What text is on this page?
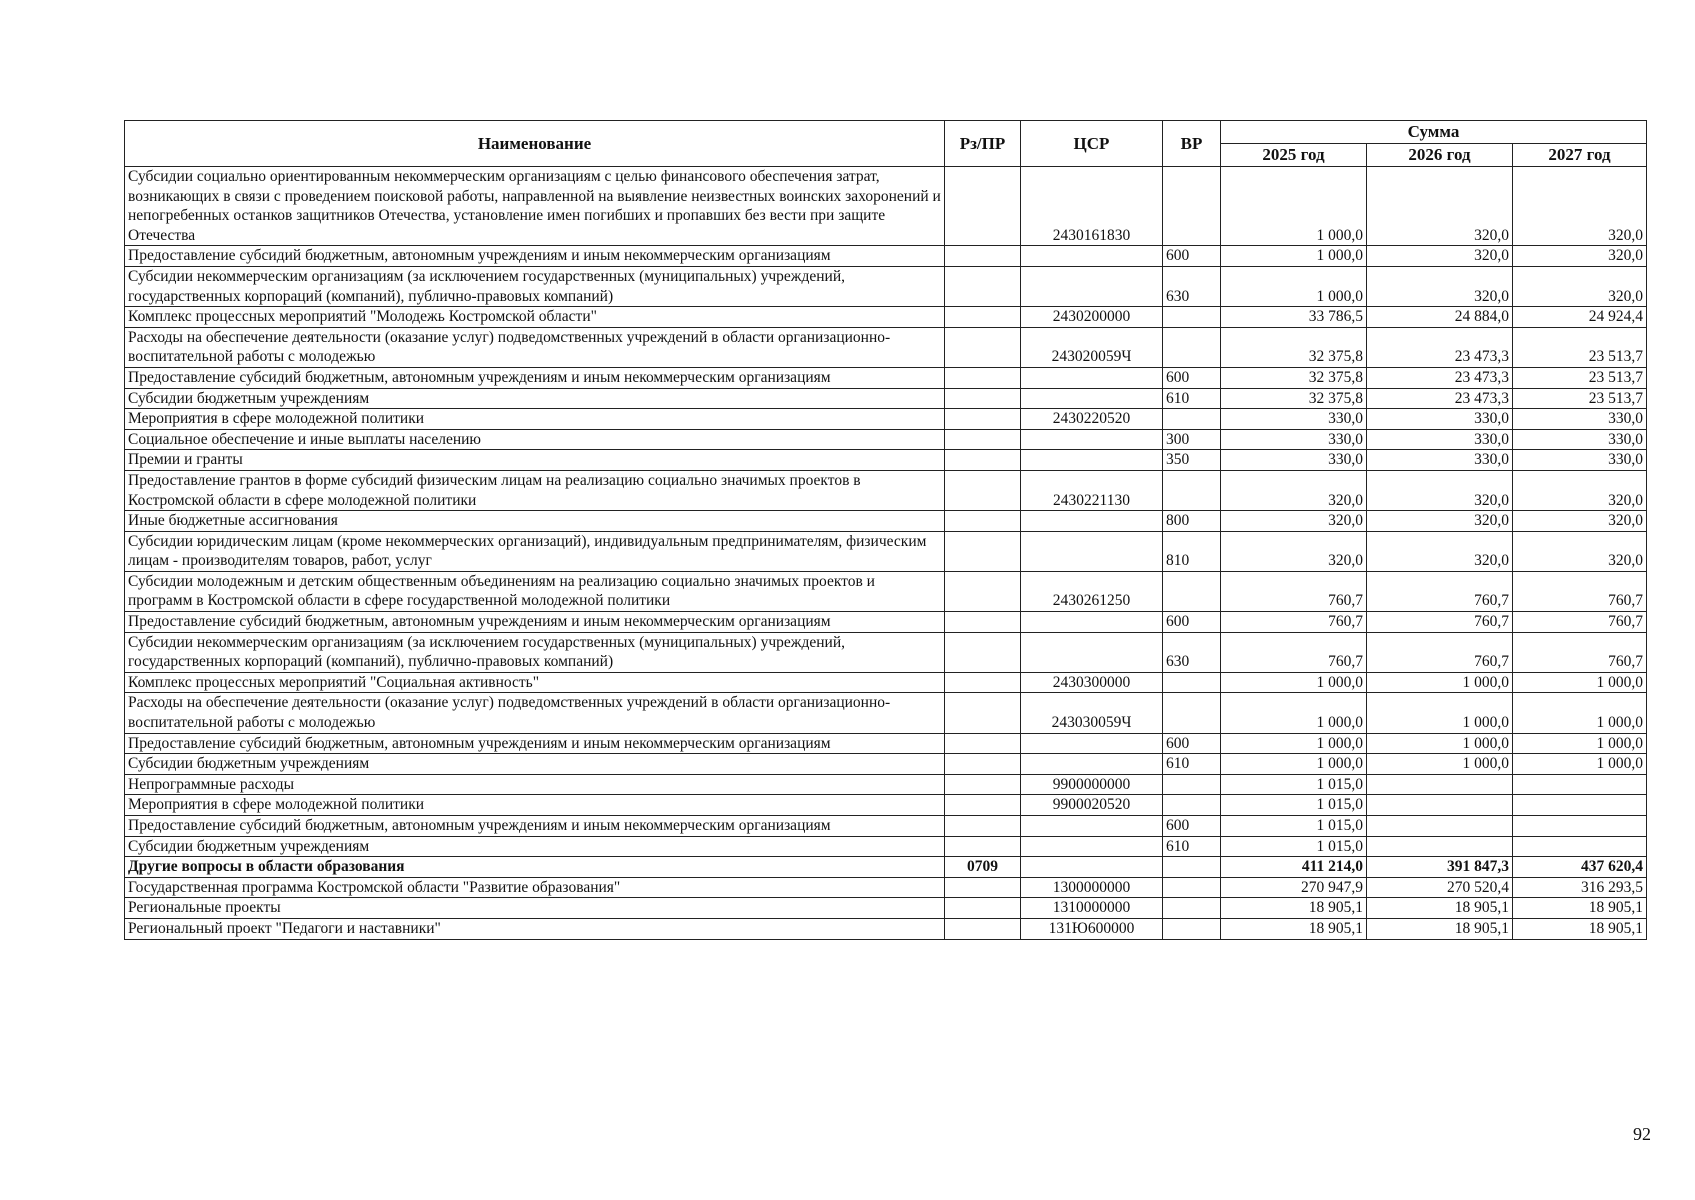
Наименование	Рз/ПР	ЦСР	ВР	Сумма		
				2025 год	2026 год	2027 год
Субсидии социально ориентированным некоммерческим организациям с целью финансового обеспечения затрат, возникающих в связи с проведением поисковой работы, направленной на выявление неизвестных воинских захоронений и непогребенных останков защитников Отечества, установление имен погибших и пропавших без вести при защите Отечества		2430161830		1 000,0	320,0	320,0
Предоставление субсидий бюджетным, автономным учреждениям и иным некоммерческим организациям			600	1 000,0	320,0	320,0
Субсидии некоммерческим организациям (за исключением государственных (муниципальных) учреждений, государственных корпораций (компаний), публично-правовых компаний)			630	1 000,0	320,0	320,0
Комплекс процессных мероприятий "Молодежь Костромской области"		2430200000		33 786,5	24 884,0	24 924,4
Расходы на обеспечение деятельности (оказание услуг) подведомственных учреждений в области организационно-воспитательной работы с молодежью		243020059Ч		32 375,8	23 473,3	23 513,7
Предоставление субсидий бюджетным, автономным учреждениям и иным некоммерческим организациям			600	32 375,8	23 473,3	23 513,7
Субсидии бюджетным учреждениям			610	32 375,8	23 473,3	23 513,7
Мероприятия в сфере молодежной политики		2430220520		330,0	330,0	330,0
Социальное обеспечение и иные выплаты населению			300	330,0	330,0	330,0
Премии и гранты			350	330,0	330,0	330,0
Предоставление грантов в форме субсидий физическим лицам на реализацию социально значимых проектов в Костромской области в сфере молодежной политики		2430221130		320,0	320,0	320,0
Иные бюджетные ассигнования			800	320,0	320,0	320,0
Субсидии юридическим лицам (кроме некоммерческих организаций), индивидуальным предпринимателям, физическим лицам - производителям товаров, работ, услуг			810	320,0	320,0	320,0
Субсидии молодежным и детским общественным объединениям на реализацию социально значимых проектов и программ в Костромской области в сфере государственной молодежной политики		2430261250		760,7	760,7	760,7
Предоставление субсидий бюджетным, автономным учреждениям и иным некоммерческим организациям			600	760,7	760,7	760,7
Субсидии некоммерческим организациям (за исключением государственных (муниципальных) учреждений, государственных корпораций (компаний), публично-правовых компаний)			630	760,7	760,7	760,7
Комплекс процессных мероприятий "Социальная активность"		2430300000		1 000,0	1 000,0	1 000,0
Расходы на обеспечение деятельности (оказание услуг) подведомственных учреждений в области организационно-воспитательной работы с молодежью		243030059Ч		1 000,0	1 000,0	1 000,0
Предоставление субсидий бюджетным, автономным учреждениям и иным некоммерческим организациям			600	1 000,0	1 000,0	1 000,0
Субсидии бюджетным учреждениям			610	1 000,0	1 000,0	1 000,0
Непрограммные расходы		9900000000		1 015,0		
Мероприятия в сфере молодежной политики		9900020520		1 015,0		
Предоставление субсидий бюджетным, автономным учреждениям и иным некоммерческим организациям			600	1 015,0		
Субсидии бюджетным учреждениям			610	1 015,0		
Другие вопросы в области образования	0709			411 214,0	391 847,3	437 620,4
Государственная программа Костромской области "Развитие образования"		1300000000		270 947,9	270 520,4	316 293,5
Региональные проекты		1310000000		18 905,1	18 905,1	18 905,1
Региональный проект "Педагоги и наставники"		131Ю600000		18 905,1	18 905,1	18 905,1
92
